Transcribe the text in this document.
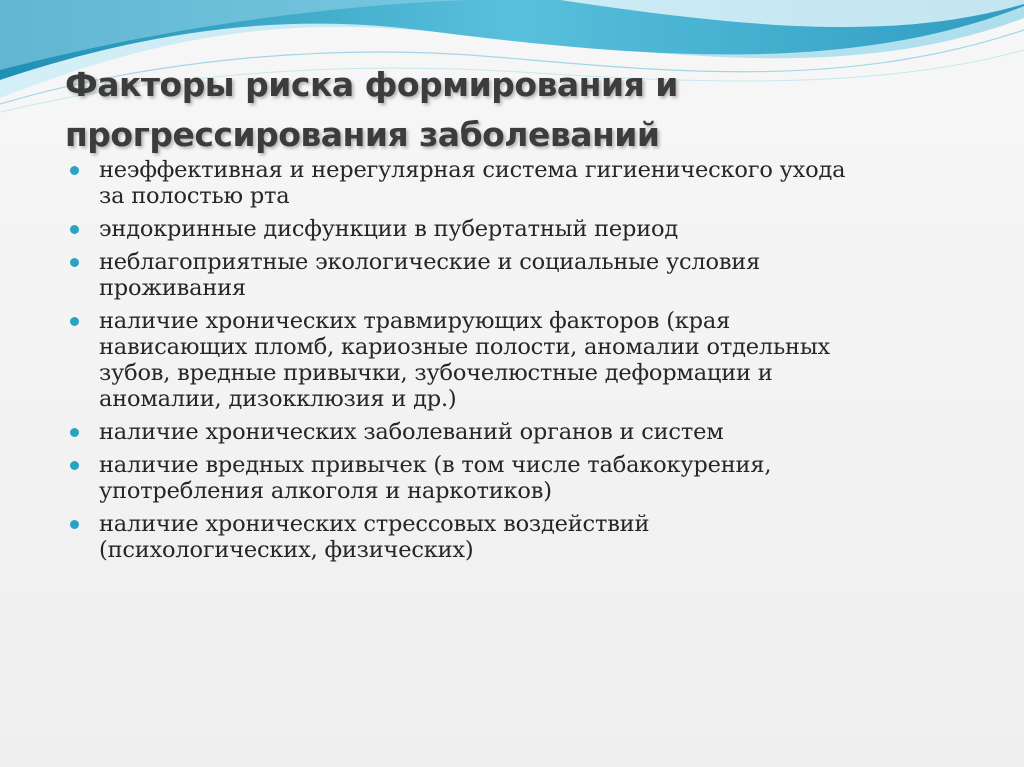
Факторы риска формирования и
прогрессирования заболеваний
неэффективная и нерегулярная система гигиенического ухода
за полостью рта
эндокринные дисфункции в пубертатный период
неблагоприятные экологические и социальные условия
проживания
наличие хронических травмирующих факторов (края
нависающих пломб, кариозные полости, аномалии отдельных
зубов, вредные привычки, зубочелюстные деформации и
аномалии, дизокклюзия и др.)
наличие хронических заболеваний органов и систем
наличие вредных привычек (в том числе табакокурения,
употребления алкоголя и наркотиков)
наличие хронических стрессовых воздействий
(психологических, физических)
